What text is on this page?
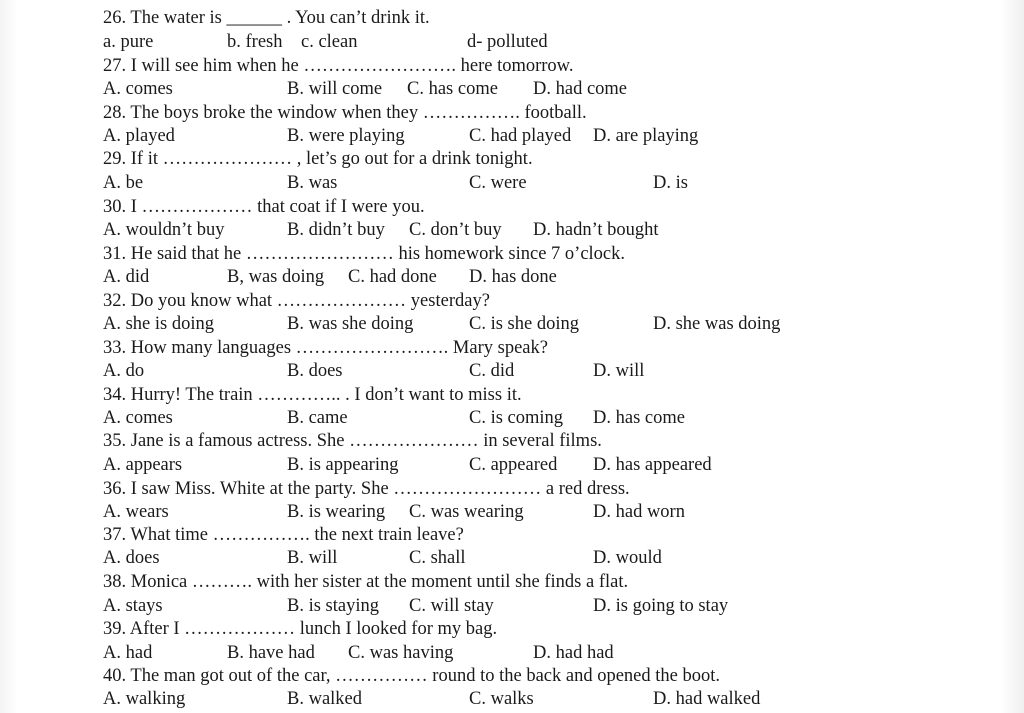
26. The water is ______ . You can’t drink it.
a. pure	b. fresh c. clean	d- polluted
27. I will see him when he ……………………. here tomorrow.
A. comes	B. will come C. has come D. had come
28. The boys broke the window when they ……………. football.
A. played	B. were playing	C. had played D. are playing
29. If it ………………… , let’s go out for a drink tonight.
A. be	B. was	C. were	D. is
30. I ……………… that coat if I were you.
A. wouldn’t buy	B. didn’t buy C. don’t buy D. hadn’t bought
31. He said that he …………………… his homework since 7 o’clock.
A. did	B, was doing C. had done D. has done
32. Do you know what ………………… yesterday?
A. she is doing	B. was she doing	C. is she doing	D. she was doing
33. How many languages ……………………. Mary speak?
A. do	B. does	C. did	D. will
34. Hurry! The train ………….. . I don’t want to miss it.
A. comes	B. came	C. is coming D. has come
35. Jane is a famous actress. She ………………… in several films.
A. appears	B. is appearing	C. appeared D. has appeared
36. I saw Miss. White at the party. She …………………… a red dress.
A. wears	B. is wearing C. was wearing	D. had worn
37. What time ……………. the next train leave?
A. does	B. will	C. shall	D. would
38. Monica ………. with her sister at the moment until she finds a flat.
A. stays	B. is staying C. will stay	D. is going to stay
39. After I ……………… lunch I looked for my bag.
A. had	B. have had C. was having	D. had had
40. The man got out of the car, …………… round to the back and opened the boot.
A. walking	B. walked	C. walks	D. had walked
